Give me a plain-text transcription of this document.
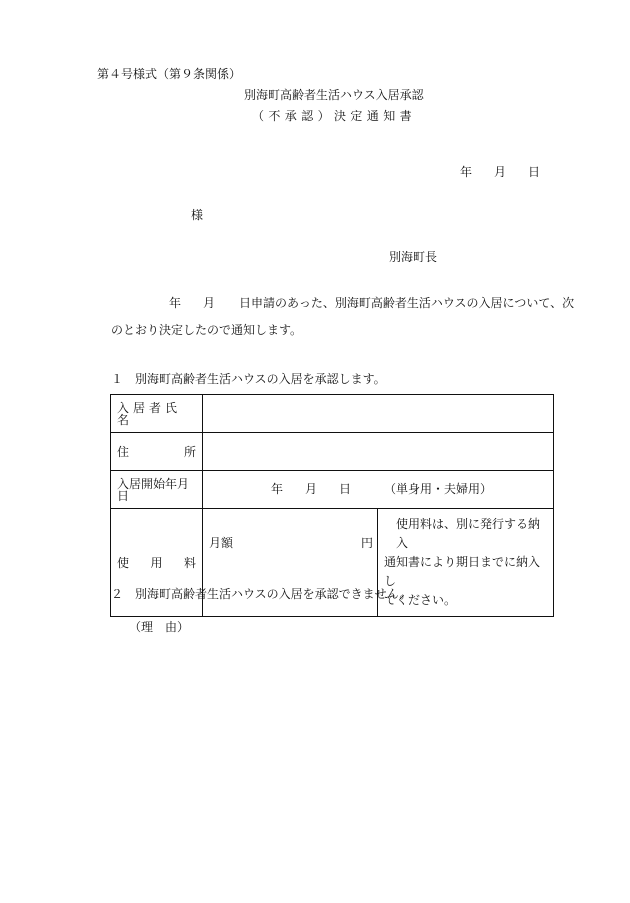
第４号様式（第９条関係）
別海町高齢者生活ハウス入居承認
（不承認）決定通知書
年 月 日
様
別海町長
年 月 日申請のあった、別海町高齢者生活ハウスの入居について、次
のとおり決定したので通知します。
１　別海町高齢者生活ハウスの入居を承認します。
入居者氏名		

住 所		

入居開始年月日	年 月 日 （単身用・夫婦用）	

使 用 料	月額 円	使用料は、別に発行する納入
通知書により期日までに納入し
てください。
２　別海町高齢者生活ハウスの入居を承認できません。
（理　由）
